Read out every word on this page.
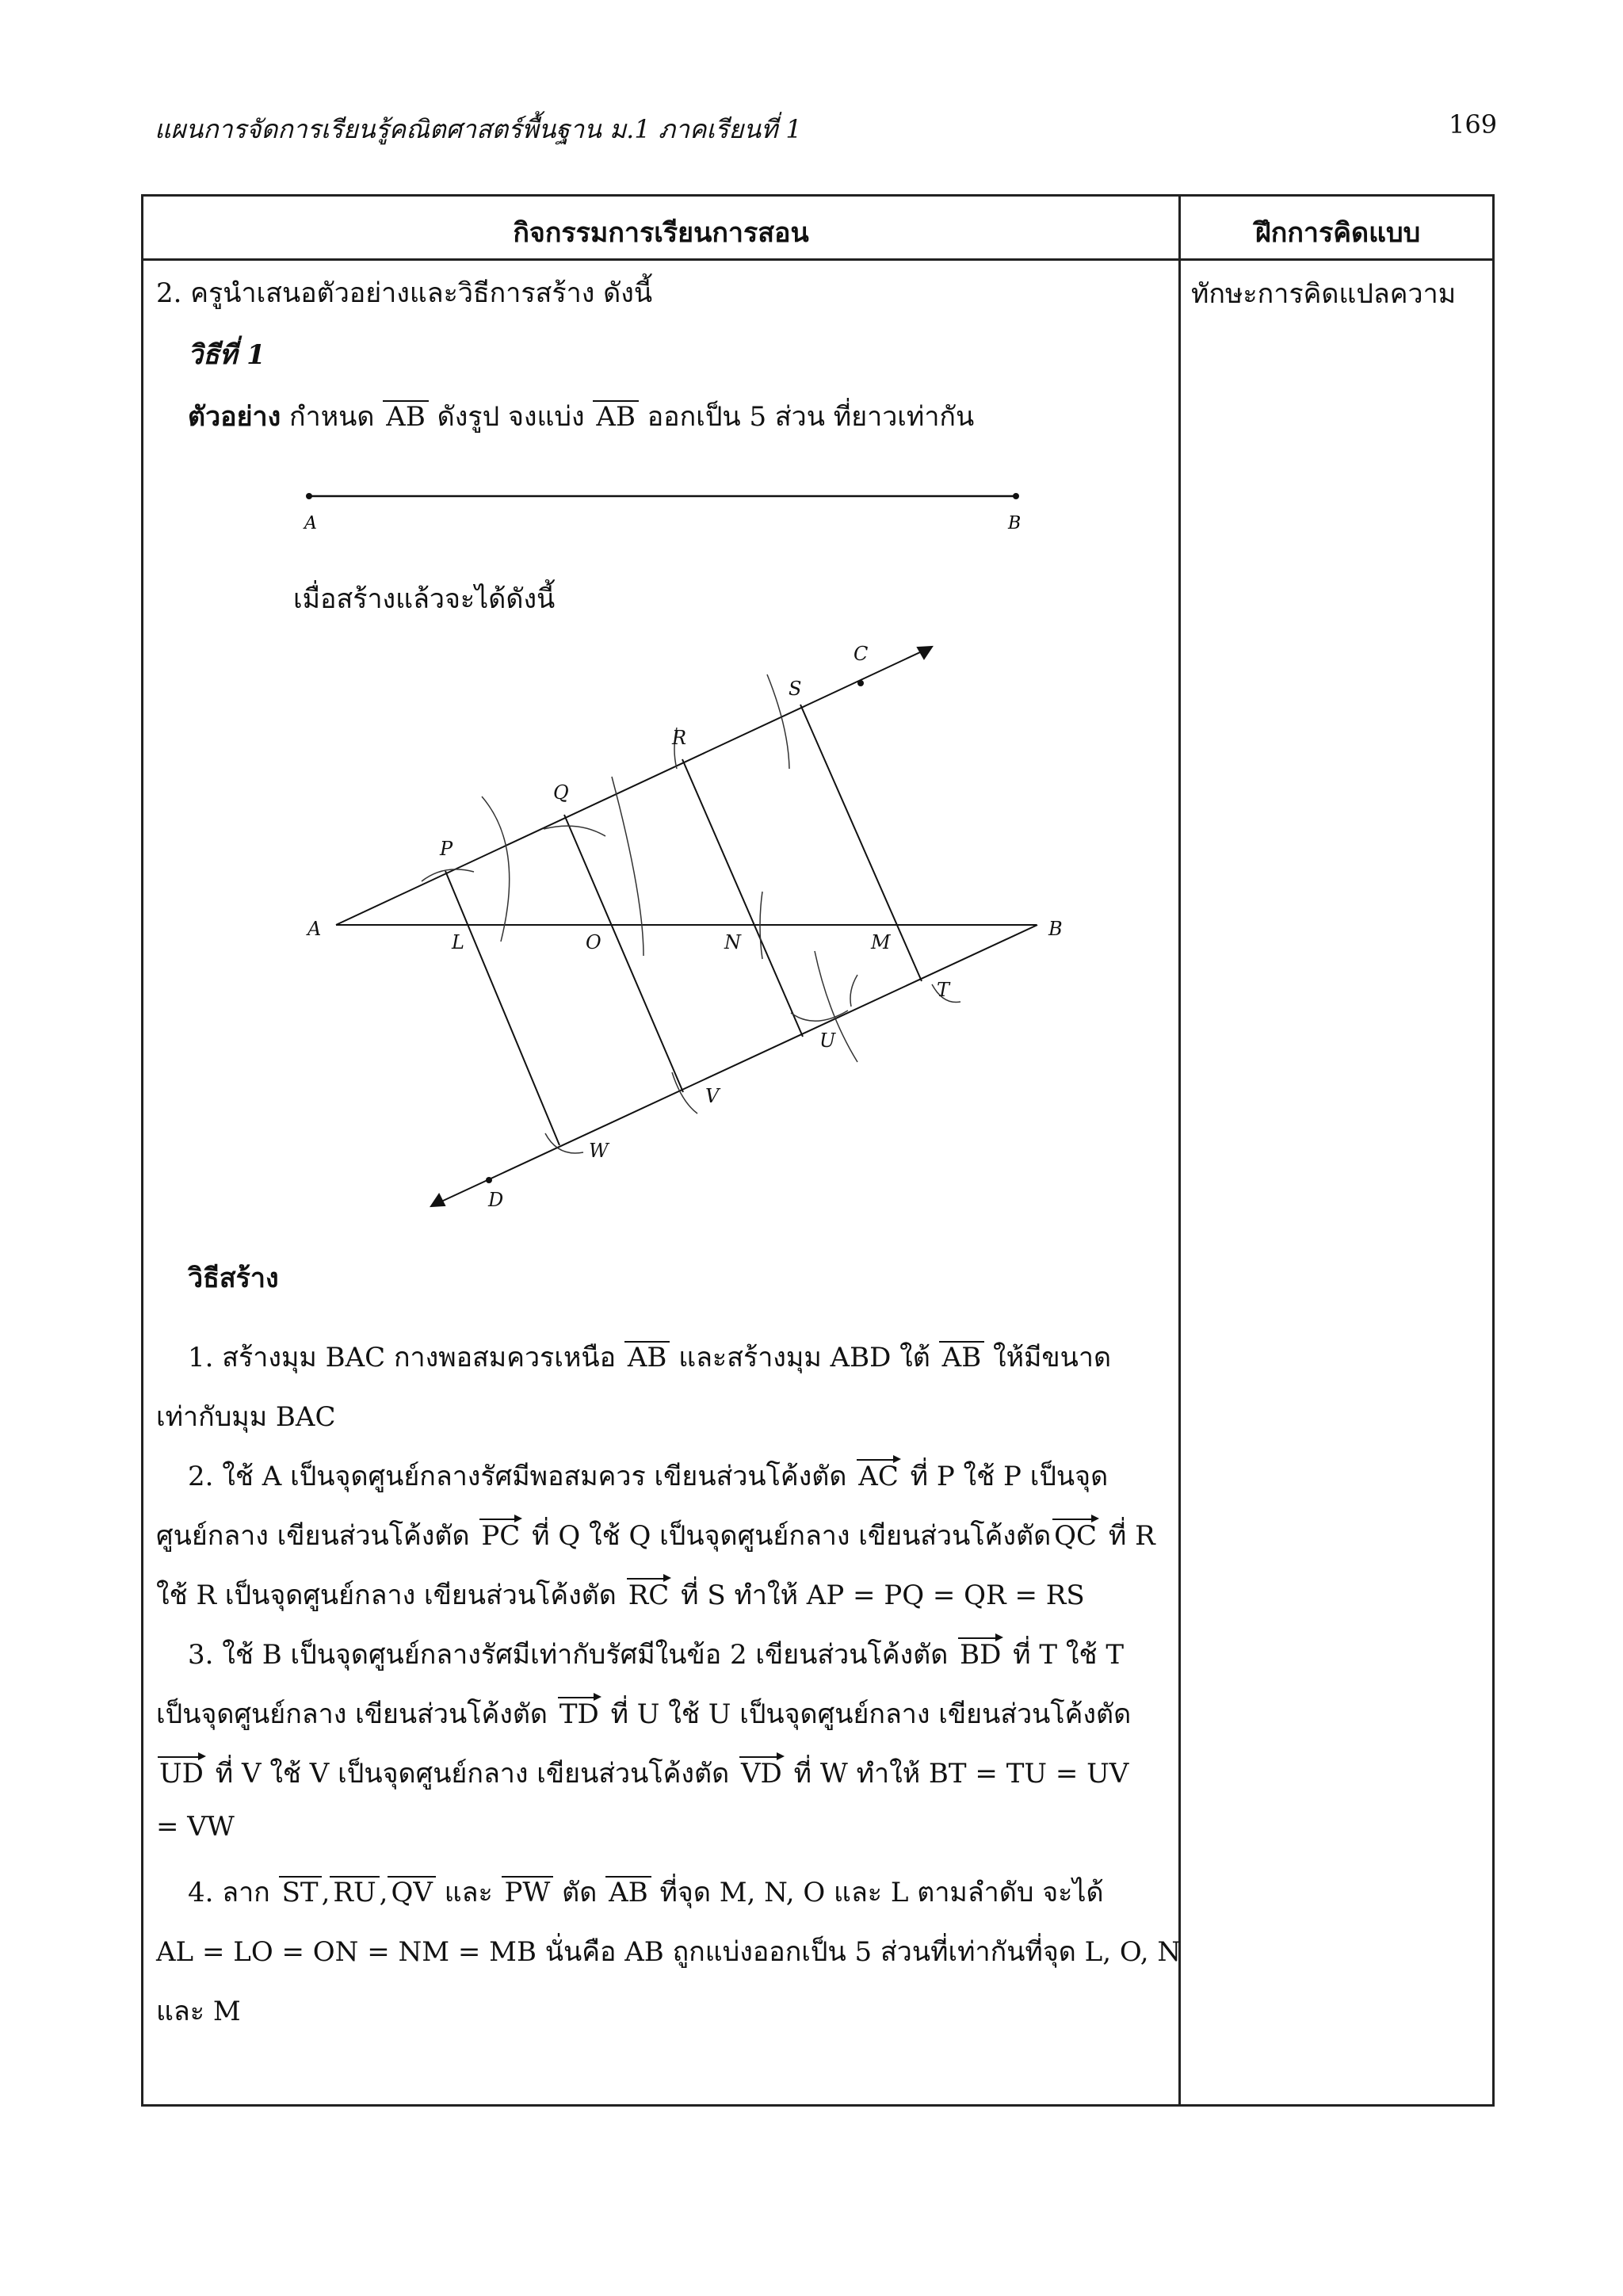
แผนการจัดการเรียนรู้คณิตศาสตร์พื้นฐาน ม.1 ภาคเรียนที่ 1	169
กิจกรรมการเรียนการสอน	ฝึกการคิดแบบ
ทักษะการคิดแปลความ
2. ครูนำเสนอตัวอย่างและวิธีการสร้าง ดังนี้
วิธีที่ 1
ตัวอย่าง กำหนด AB ดังรูป จงแบ่ง AB ออกเป็น 5 ส่วน ที่ยาวเท่ากัน
A	B
เมื่อสร้างแล้วจะได้ดังนี้
A	B
C
D
P
Q
R
S
T
U
V
W
L	O	N	M
วิธีสร้าง
1. สร้างมุม BAC กางพอสมควรเหนือ AB และสร้างมุม ABD ใต้ AB ให้มีขนาด
เท่ากับมุม BAC
2. ใช้ A เป็นจุดศูนย์กลางรัศมีพอสมควร เขียนส่วนโค้งตัด AC ที่ P ใช้ P เป็นจุด
ศูนย์กลาง เขียนส่วนโค้งตัด PC ที่ Q ใช้ Q เป็นจุดศูนย์กลาง เขียนส่วนโค้งตัด QC ที่ R
ใช้ R เป็นจุดศูนย์กลาง เขียนส่วนโค้งตัด RC ที่ S ทำให้ AP = PQ = QR = RS
3. ใช้ B เป็นจุดศูนย์กลางรัศมีเท่ากับรัศมีในข้อ 2 เขียนส่วนโค้งตัด BD ที่ T ใช้ T
เป็นจุดศูนย์กลาง เขียนส่วนโค้งตัด TD ที่ U ใช้ U เป็นจุดศูนย์กลาง เขียนส่วนโค้งตัด
UD ที่ V ใช้ V เป็นจุดศูนย์กลาง เขียนส่วนโค้งตัด VD ที่ W ทำให้ BT = TU = UV
= VW
4. ลาก ST , RU , QV และ PW ตัด AB ที่จุด M, N, O และ L ตามลำดับ จะได้
AL = LO = ON = NM = MB นั่นคือ AB ถูกแบ่งออกเป็น 5 ส่วนที่เท่ากันที่จุด L, O, N
และ M
